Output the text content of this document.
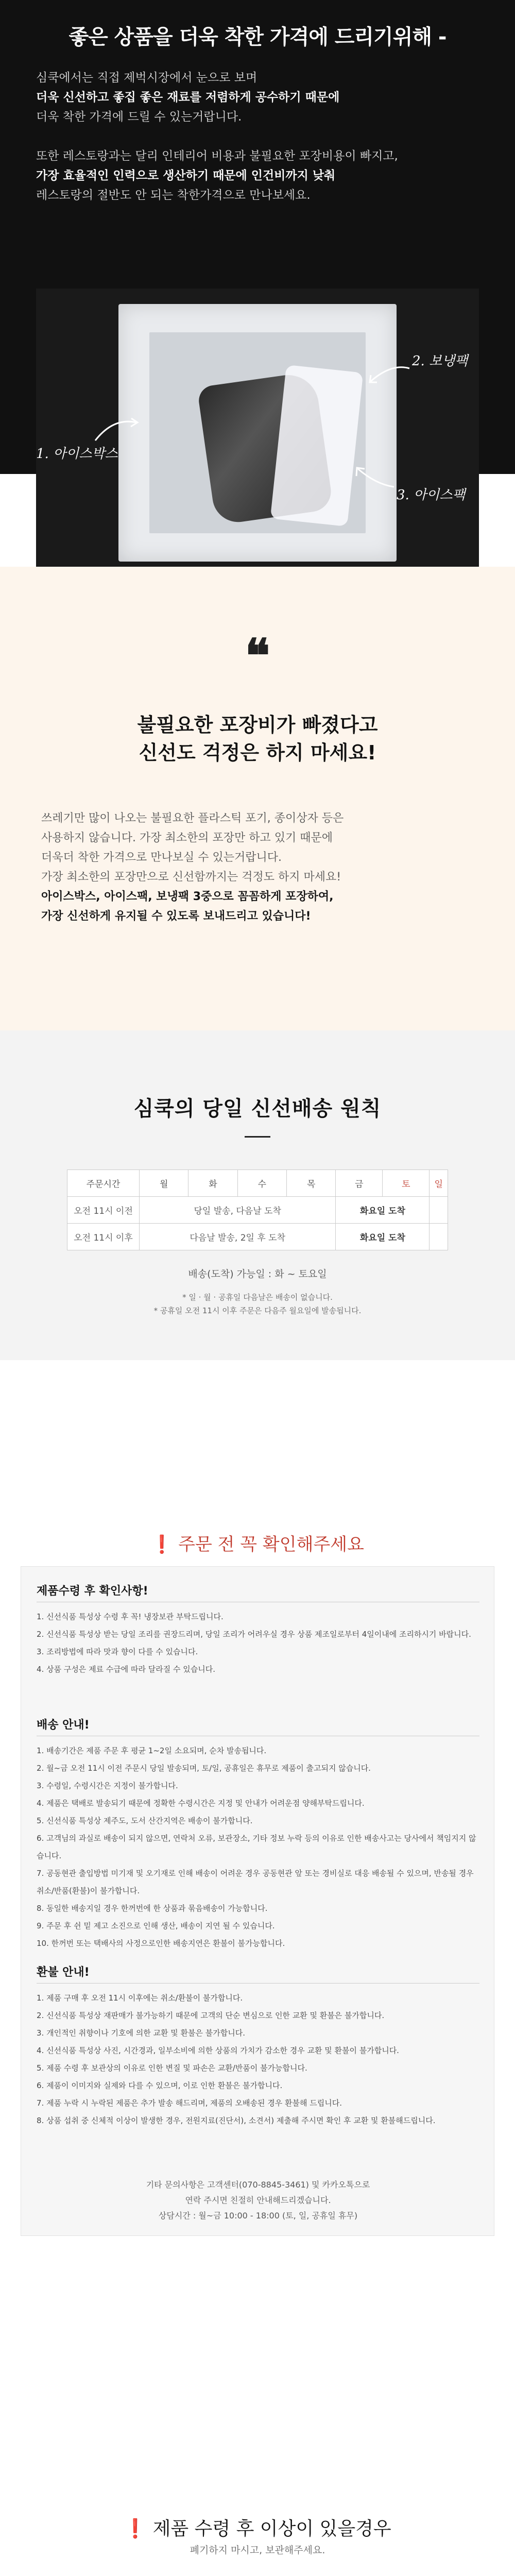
좋은 상품을 더욱 착한 가격에 드리기위해 -

심쿡에서는 직접 제벅시장에서 눈으로 보며

더욱 신선하고 좋집 좋은 재료를 저렴하게 공수하기 때문에

더욱 착한 가격에 드릴 수 있는거랍니다.

또한 레스토랑과는 달리 인테리어 비용과 불필요한 포장비용이 빠지고,

가장 효율적인 인력으로 생산하기 때문에 인건비까지 낮춰

레스토랑의 절반도 안 되는 착한가격으로 만나보세요.

1. 아이스박스
2. 보냉팩
3. 아이스팩
❝
불필요한 포장비가 빠졌다고
신선도 걱정은 하지 마세요!

쓰레기만 많이 나오는 불필요한 플라스틱 포기, 종이상자 등은

사용하지 않습니다. 가장 최소한의 포장만 하고 있기 때문에

더욱더 착한 가격으로 만나보실 수 있는거랍니다.

가장 최소한의 포장만으로 신선함까지는 걱정도 하지 마세요!

아이스박스, 아이스팩, 보냉팩 3중으로 꼼꼼하게 포장하여,

가장 신선하게 유지될 수 있도록 보내드리고 있습니다!

심쿡의 당일 신선배송 원칙
주문시간	월	화	수	목	금	토	일
오전 11시 이전	당일 발송, 다음날 도착				화요일 도착		
오전 11시 이후	다음날 발송, 2일 후 도착				화요일 도착		
배송(도착) 가능일 : 화 ~ 토요일

* 일 · 월 · 공휴일 다음날은 배송이 없습니다.

* 공휴일 오전 11시 이후 주문은 다음주 월요일에 발송됩니다.

❗ 주문 전 꼭 확인해주세요
제품수령 후 확인사항!

1. 신선식품 특성상 수령 후 꼭! 냉장보관 부탁드립니다.

2. 신선식품 특성상 받는 당일 조리를 권장드리며, 당일 조리가 어려우실 경우 상품 제조일로부터 4일이내에 조리하시기 바랍니다.

3. 조리방법에 따라 맛과 향이 다를 수 있습니다.

4. 상품 구성은 제료 수급에 따라 달라질 수 있습니다.

배송 안내!

1. 배송기간은 제품 주문 후 평균 1~2일 소요되며, 순차 발송됩니다.

2. 월~금 오전 11시 이전 주문시 당일 발송되며, 토/일, 공휴일은 휴무로 제품이 출고되지 않습니다.

3. 수령일, 수령시간은 지정이 불가합니다.

4. 제품은 택배로 발송되기 때문에 정확한 수령시간은 지정 및 안내가 어려운점 양해부탁드립니다.

5. 신선식품 특성상 제주도, 도서 산간지역은 배송이 불가합니다.

6. 고객님의 과실로 배송이 되지 않으면, 연락처 오류, 보관장소, 기타 정보 누락 등의 이유로 인한 배송사고는 당사에서 책임지지 않습니다.

7. 공동현관 출입방법 미기재 및 오기재로 인해 배송이 어려운 경우 공동현관 앞 또는 경비실로 대응 배송될 수 있으며, 반송될 경우 취소/반품(환불)이 불가합니다.

8. 동일한 배송지일 경우 한꺼번에 한 상품과 묶음배송이 가능합니다.

9. 주문 후 쉰 밑 제고 소진으로 인해 생산, 배송이 지연 될 수 있습니다.

10. 한꺼번 또는 택배사의 사정으로인한 배송지연은 환불이 불가능합니다.

환불 안내!

1. 제품 구매 후 오전 11시 이후에는 취소/환불이 불가합니다.

2. 신선식품 특성상 재판매가 불가능하기 때문에 고객의 단순 변심으로 인한 교환 및 환불은 불가합니다.

3. 개인적인 취향이나 기호에 의한 교환 및 환불은 불가합니다.

4. 신선식품 특성상 사진, 시간경과, 일부소비에 의한 상품의 가치가 감소한 경우 교환 및 환불이 불가합니다.

5. 제품 수령 후 보관상의 이유로 인한 변질 및 파손은 교환/반품이 불가능합니다.

6. 제품이 이미지와 실제와 다를 수 있으며, 이로 인한 환불은 불가합니다.

7. 제품 누락 시 누락된 제품은 추가 발송 해드리며, 제품의 오배송된 경우 환불해 드립니다.

8. 상품 섭취 중 신체적 이상이 발생한 경우, 전원지료(진단서), 소견서) 제출해 주시면 확인 후 교환 및 환불해드립니다.

기타 문의사항은 고객센터(070-8845-3461) 및 카카오톡으로

연락 주시면 친절히 안내해드리겠습니다.

상담시간 : 월~금 10:00 - 18:00 (토, 일, 공휴일 휴무)

❗ 제품 수령 후 이상이 있을경우
폐기하지 마시고, 보관해주세요.
